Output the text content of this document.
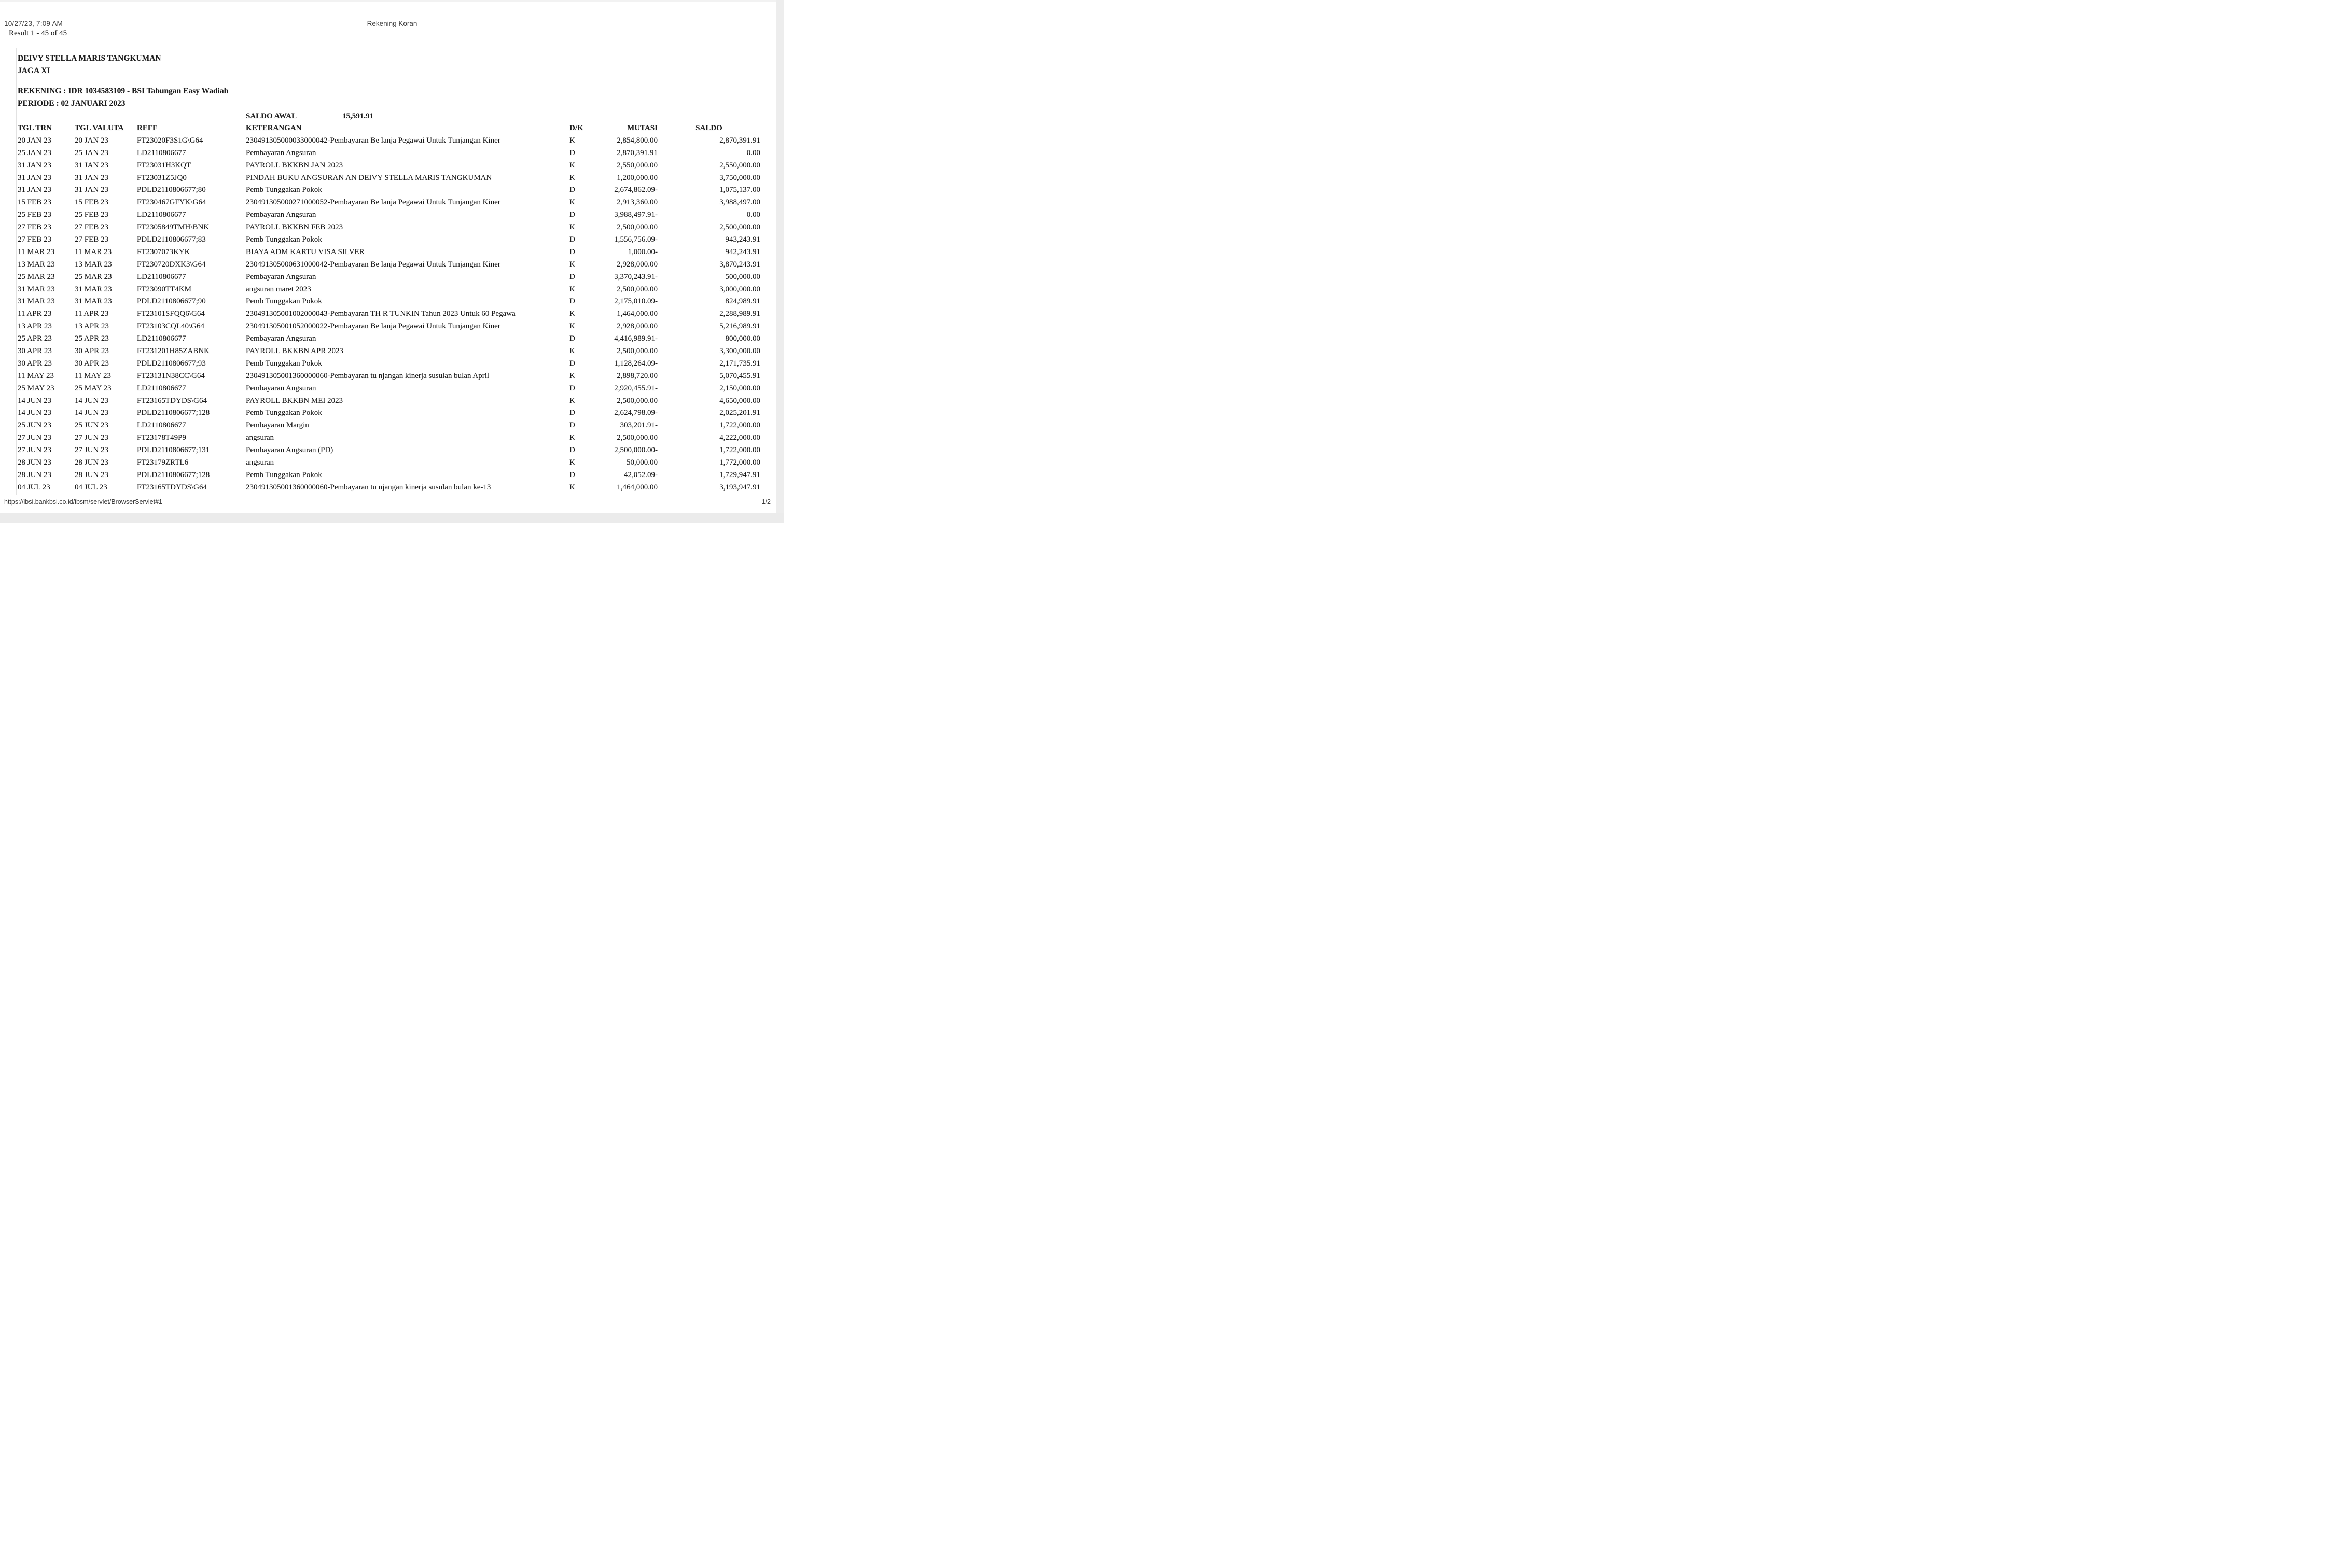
10/27/23, 7:09 AM	Rekening Koran
Result 1 - 45 of 45
DEIVY STELLA MARIS TANGKUMAN
JAGA XI
REKENING : IDR 1034583109 - BSI Tabungan Easy Wadiah
PERIODE : 02 JANUARI 2023
SALDO AWAL	15,591.91
TGL TRN	TGL VALUTA	REFF	KETERANGAN	D/K	MUTASI	SALDO
20 JAN 23	20 JAN 23	FT23020F3S1G\G64	230491305000033000042-Pembayaran Be lanja Pegawai Untuk Tunjangan Kiner	K	2,854,800.00	2,870,391.91
25 JAN 23	25 JAN 23	LD2110806677	Pembayaran Angsuran	D	2,870,391.91	0.00
31 JAN 23	31 JAN 23	FT23031H3KQT	PAYROLL BKKBN JAN 2023	K	2,550,000.00	2,550,000.00
31 JAN 23	31 JAN 23	FT23031Z5JQ0	PINDAH BUKU ANGSURAN AN DEIVY STELLA MARIS TANGKUMAN	K	1,200,000.00	3,750,000.00
31 JAN 23	31 JAN 23	PDLD2110806677;80	Pemb Tunggakan Pokok	D	2,674,862.09-	1,075,137.00
15 FEB 23	15 FEB 23	FT230467GFYK\G64	230491305000271000052-Pembayaran Be lanja Pegawai Untuk Tunjangan Kiner	K	2,913,360.00	3,988,497.00
25 FEB 23	25 FEB 23	LD2110806677	Pembayaran Angsuran	D	3,988,497.91-	0.00
27 FEB 23	27 FEB 23	FT2305849TMH\BNK	PAYROLL BKKBN FEB 2023	K	2,500,000.00	2,500,000.00
27 FEB 23	27 FEB 23	PDLD2110806677;83	Pemb Tunggakan Pokok	D	1,556,756.09-	943,243.91
11 MAR 23	11 MAR 23	FT2307073KYK	BIAYA ADM KARTU VISA SILVER	D	1,000.00-	942,243.91
13 MAR 23	13 MAR 23	FT230720DXK3\G64	230491305000631000042-Pembayaran Be lanja Pegawai Untuk Tunjangan Kiner	K	2,928,000.00	3,870,243.91
25 MAR 23	25 MAR 23	LD2110806677	Pembayaran Angsuran	D	3,370,243.91-	500,000.00
31 MAR 23	31 MAR 23	FT23090TT4KM	angsuran maret 2023	K	2,500,000.00	3,000,000.00
31 MAR 23	31 MAR 23	PDLD2110806677;90	Pemb Tunggakan Pokok	D	2,175,010.09-	824,989.91
11 APR 23	11 APR 23	FT23101SFQQ6\G64	230491305001002000043-Pembayaran TH R TUNKIN Tahun 2023 Untuk 60 Pegawa	K	1,464,000.00	2,288,989.91
13 APR 23	13 APR 23	FT23103CQL40\G64	230491305001052000022-Pembayaran Be lanja Pegawai Untuk Tunjangan Kiner	K	2,928,000.00	5,216,989.91
25 APR 23	25 APR 23	LD2110806677	Pembayaran Angsuran	D	4,416,989.91-	800,000.00
30 APR 23	30 APR 23	FT231201H85ZABNK	PAYROLL BKKBN APR 2023	K	2,500,000.00	3,300,000.00
30 APR 23	30 APR 23	PDLD2110806677;93	Pemb Tunggakan Pokok	D	1,128,264.09-	2,171,735.91
11 MAY 23	11 MAY 23	FT23131N38CC\G64	230491305001360000060-Pembayaran tu njangan kinerja susulan bulan April	K	2,898,720.00	5,070,455.91
25 MAY 23	25 MAY 23	LD2110806677	Pembayaran Angsuran	D	2,920,455.91-	2,150,000.00
14 JUN 23	14 JUN 23	FT23165TDYDS\G64	PAYROLL BKKBN MEI 2023	K	2,500,000.00	4,650,000.00
14 JUN 23	14 JUN 23	PDLD2110806677;128	Pemb Tunggakan Pokok	D	2,624,798.09-	2,025,201.91
25 JUN 23	25 JUN 23	LD2110806677	Pembayaran Margin	D	303,201.91-	1,722,000.00
27 JUN 23	27 JUN 23	FT23178T49P9	angsuran	K	2,500,000.00	4,222,000.00
27 JUN 23	27 JUN 23	PDLD2110806677;131	Pembayaran Angsuran (PD)	D	2,500,000.00-	1,722,000.00
28 JUN 23	28 JUN 23	FT23179ZRTL6	angsuran	K	50,000.00	1,772,000.00
28 JUN 23	28 JUN 23	PDLD2110806677;128	Pemb Tunggakan Pokok	D	42,052.09-	1,729,947.91
04 JUL 23	04 JUL 23	FT23165TDYDS\G64	230491305001360000060-Pembayaran tu njangan kinerja susulan bulan ke-13	K	1,464,000.00	3,193,947.91
https://ibsi.bankbsi.co.id/ibsm/servlet/BrowserServlet#1	1/2
